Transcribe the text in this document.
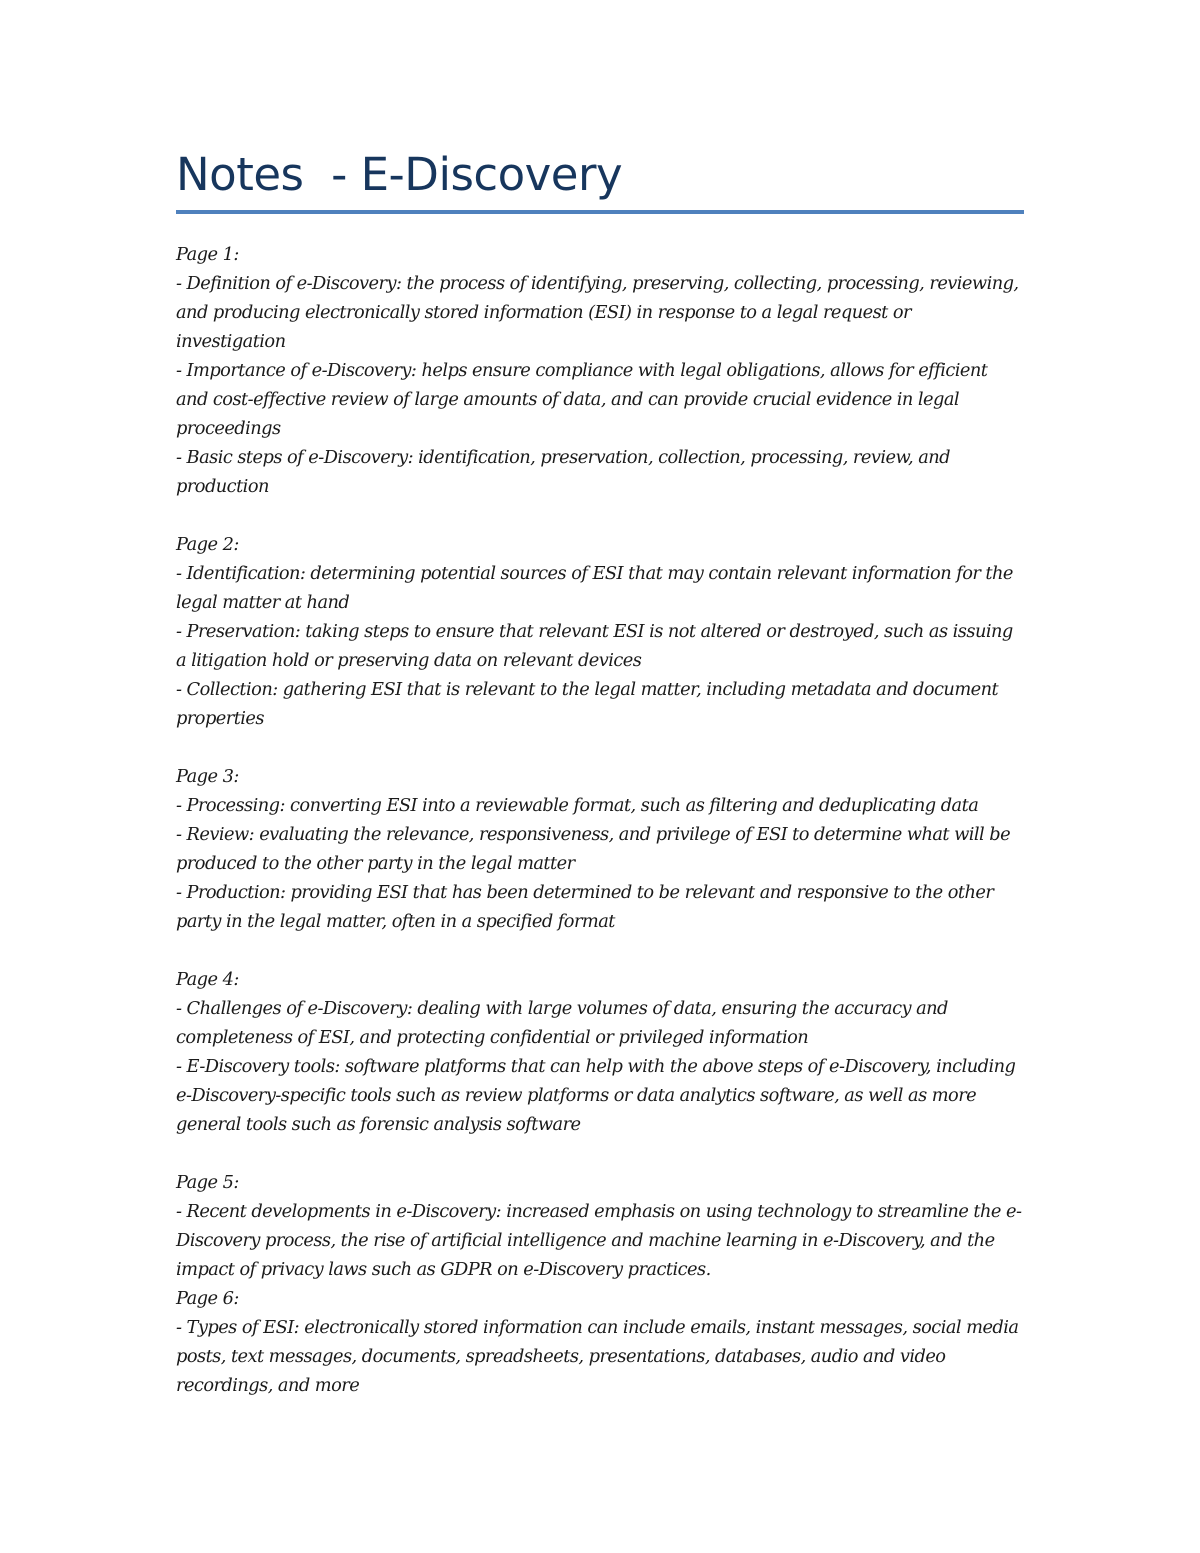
Notes  - E-Discovery

Page 1:

- Definition of e-Discovery: the process of identifying, preserving, collecting, processing, reviewing, and producing electronically stored information (ESI) in response to a legal request or investigation

- Importance of e-Discovery: helps ensure compliance with legal obligations, allows for efficient and cost-effective review of large amounts of data, and can provide crucial evidence in legal proceedings

- Basic steps of e-Discovery: identification, preservation, collection, processing, review, and production

Page 2:

- Identification: determining potential sources of ESI that may contain relevant information for the legal matter at hand

- Preservation: taking steps to ensure that relevant ESI is not altered or destroyed, such as issuing a litigation hold or preserving data on relevant devices

- Collection: gathering ESI that is relevant to the legal matter, including metadata and document properties

Page 3:

- Processing: converting ESI into a reviewable format, such as filtering and deduplicating data

- Review: evaluating the relevance, responsiveness, and privilege of ESI to determine what will be produced to the other party in the legal matter

- Production: providing ESI that has been determined to be relevant and responsive to the other party in the legal matter, often in a specified format

Page 4:

- Challenges of e-Discovery: dealing with large volumes of data, ensuring the accuracy and completeness of ESI, and protecting confidential or privileged information

- E-Discovery tools: software platforms that can help with the above steps of e-Discovery, including e-Discovery-specific tools such as review platforms or data analytics software, as well as more general tools such as forensic analysis software

Page 5:

- Recent developments in e-Discovery: increased emphasis on using technology to streamline the e-Discovery process, the rise of artificial intelligence and machine learning in e-Discovery, and the impact of privacy laws such as GDPR on e-Discovery practices.

Page 6:

- Types of ESI: electronically stored information can include emails, instant messages, social media posts, text messages, documents, spreadsheets, presentations, databases, audio and video recordings, and more
